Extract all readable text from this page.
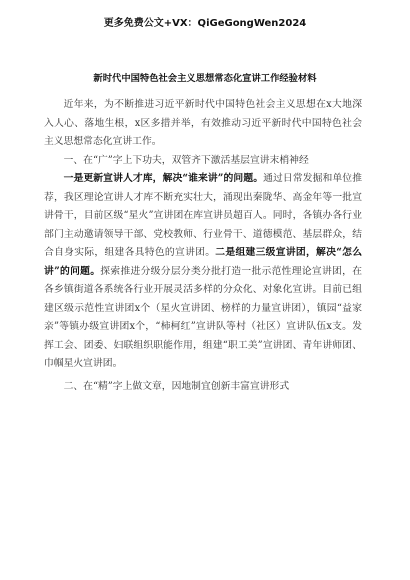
更多免费公文+VX：QiGeGongWen2024
新时代中国特色社会主义思想常态化宣讲工作经验材料

近年来，为不断推进习近平新时代中国特色社会主义思想在x大地深入人心、落地生根，x区多措并举，有效推动习近平新时代中国特色社会主义思想常态化宣讲工作。

一、在“广”字上下功夫，双管齐下激活基层宣讲末梢神经

一是更新宣讲人才库，解决“谁来讲”的问题。通过日常发掘和单位推荐，我区理论宣讲人才库不断充实壮大，涌现出秦陇华、高金年等一批宣讲骨干，目前区级“星火”宣讲团在库宣讲员超百人。同时，各镇办各行业部门主动邀请领导干部、党校教师、行业骨干、道德模范、基层群众，结合自身实际，组建各具特色的宣讲团。二是组建三级宣讲团，解决“怎么讲”的问题。探索推进分级分层分类分批打造一批示范性理论宣讲团，在各乡镇街道各系统各行业开展灵活多样的分众化、对象化宣讲。目前已组建区级示范性宣讲团x个（星火宣讲团、榜样的力量宣讲团），镇园“益家亲”等镇办级宣讲团x个，“柿柯红”宣讲队等村（社区）宣讲队伍x支。发挥工会、团委、妇联组织职能作用，组建“职工美”宣讲团、青年讲师团、巾帼星火宣讲团。

二、在“精”字上做文章，因地制宜创新丰富宣讲形式
